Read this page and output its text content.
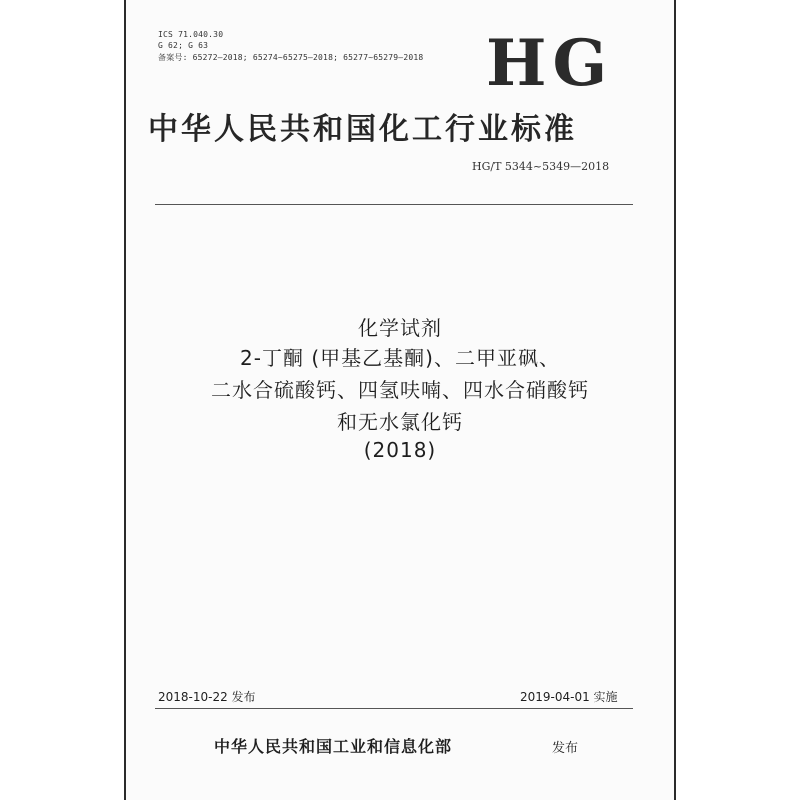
ICS 71.040.30
G 62; G 63
备案号: 65272—2018; 65274~65275—2018; 65277~65279—2018 HG
中华人民共和国化工行业标准
HG/T 5344~5349—2018
化学试剂
2-丁酮 (甲基乙基酮)、二甲亚砜、
二水合硫酸钙、四氢呋喃、四水合硝酸钙
和无水氯化钙
(2018)
2018-10-22 发布	2019-04-01 实施
中华人民共和国工业和信息化部	发布
